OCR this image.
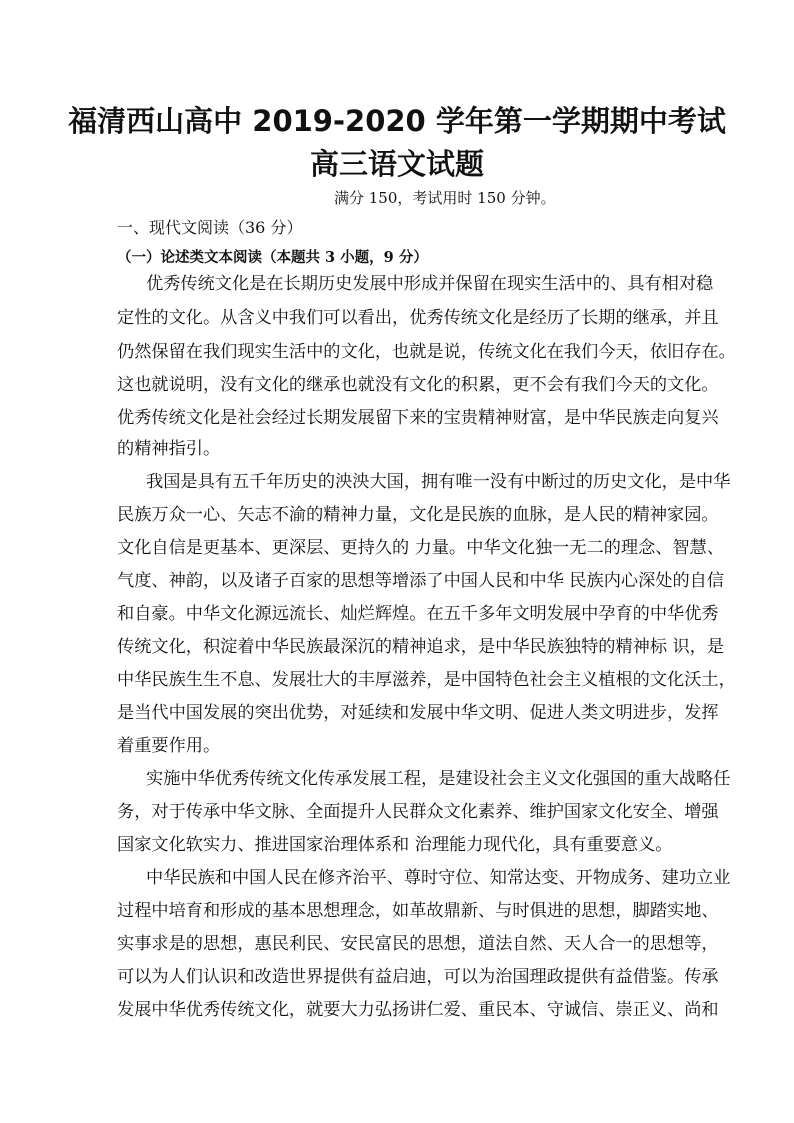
福清西山高中 2019-2020 学年第一学期期中考试
高三语文试题
满分 150，考试用时 150 分钟。
一、现代文阅读（36 分）
（一）论述类文本阅读（本题共 3 小题，9 分）
优秀传统文化是在长期历史发展中形成并保留在现实生活中的、具有相对稳
定性的文化。从含义中我们可以看出，优秀传统文化是经历了长期的继承，并且
仍然保留在我们现实生活中的文化，也就是说，传统文化在我们今天，依旧存在。
这也就说明，没有文化的继承也就没有文化的积累，更不会有我们今天的文化。
优秀传统文化是社会经过长期发展留下来的宝贵精神财富，是中华民族走向复兴
的精神指引。
我国是具有五千年历史的泱泱大国，拥有唯一没有中断过的历史文化，是中华
民族万众一心、矢志不渝的精神力量，文化是民族的血脉，是人民的精神家园。
文化自信是更基本、更深层、更持久的 力量。中华文化独一无二的理念、智慧、
气度、神韵，以及诸子百家的思想等增添了中国人民和中华 民族内心深处的自信
和自豪。中华文化源远流长、灿烂辉煌。在五千多年文明发展中孕育的中华优秀
传统文化，积淀着中华民族最深沉的精神追求，是中华民族独特的精神标 识，是
中华民族生生不息、发展壮大的丰厚滋养，是中国特色社会主义植根的文化沃土，
是当代中国发展的突出优势，对延续和发展中华文明、促进人类文明进步，发挥
着重要作用。
实施中华优秀传统文化传承发展工程，是建设社会主义文化强国的重大战略任
务，对于传承中华文脉、全面提升人民群众文化素养、维护国家文化安全、增强
国家文化软实力、推进国家治理体系和 治理能力现代化，具有重要意义。
中华民族和中国人民在修齐治平、尊时守位、知常达变、开物成务、建功立业
过程中培育和形成的基本思想理念，如革故鼎新、与时俱进的思想，脚踏实地、
实事求是的思想，惠民利民、安民富民的思想，道法自然、天人合一的思想等，
可以为人们认识和改造世界提供有益启迪，可以为治国理政提供有益借鉴。传承
发展中华优秀传统文化，就要大力弘扬讲仁爱、重民本、守诚信、崇正义、尚和
